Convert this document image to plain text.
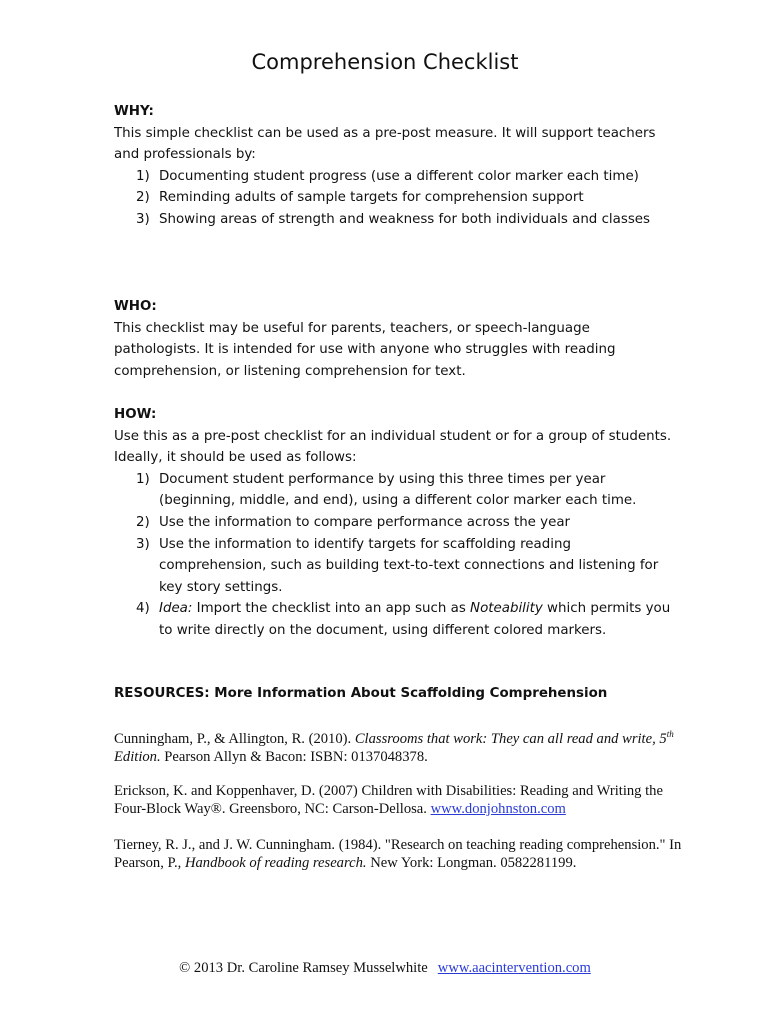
Comprehension Checklist
WHY:
This simple checklist can be used as a pre-post measure. It will support teachers and professionals by:
1) Documenting student progress (use a different color marker each time)
2) Reminding adults of sample targets for comprehension support
3) Showing areas of strength and weakness for both individuals and classes
WHO:
This checklist may be useful for parents, teachers, or speech-language pathologists. It is intended for use with anyone who struggles with reading comprehension, or listening comprehension for text.
HOW:
Use this as a pre-post checklist for an individual student or for a group of students. Ideally, it should be used as follows:
1) Document student performance by using this three times per year (beginning, middle, and end), using a different color marker each time.
2) Use the information to compare performance across the year
3) Use the information to identify targets for scaffolding reading comprehension, such as building text-to-text connections and listening for key story settings.
4) Idea: Import the checklist into an app such as Noteability which permits you to write directly on the document, using different colored markers.
RESOURCES: More Information About Scaffolding Comprehension
Cunningham, P., & Allington, R. (2010). Classrooms that work: They can all read and write, 5th Edition. Pearson Allyn & Bacon: ISBN: 0137048378.
Erickson, K. and Koppenhaver, D. (2007) Children with Disabilities: Reading and Writing the Four-Block Way®. Greensboro, NC: Carson-Dellosa. www.donjohnston.com
Tierney, R. J., and J. W. Cunningham. (1984). "Research on teaching reading comprehension." In Pearson, P., Handbook of reading research. New York: Longman. 0582281199.
© 2013 Dr. Caroline Ramsey Musselwhite www.aacintervention.com
